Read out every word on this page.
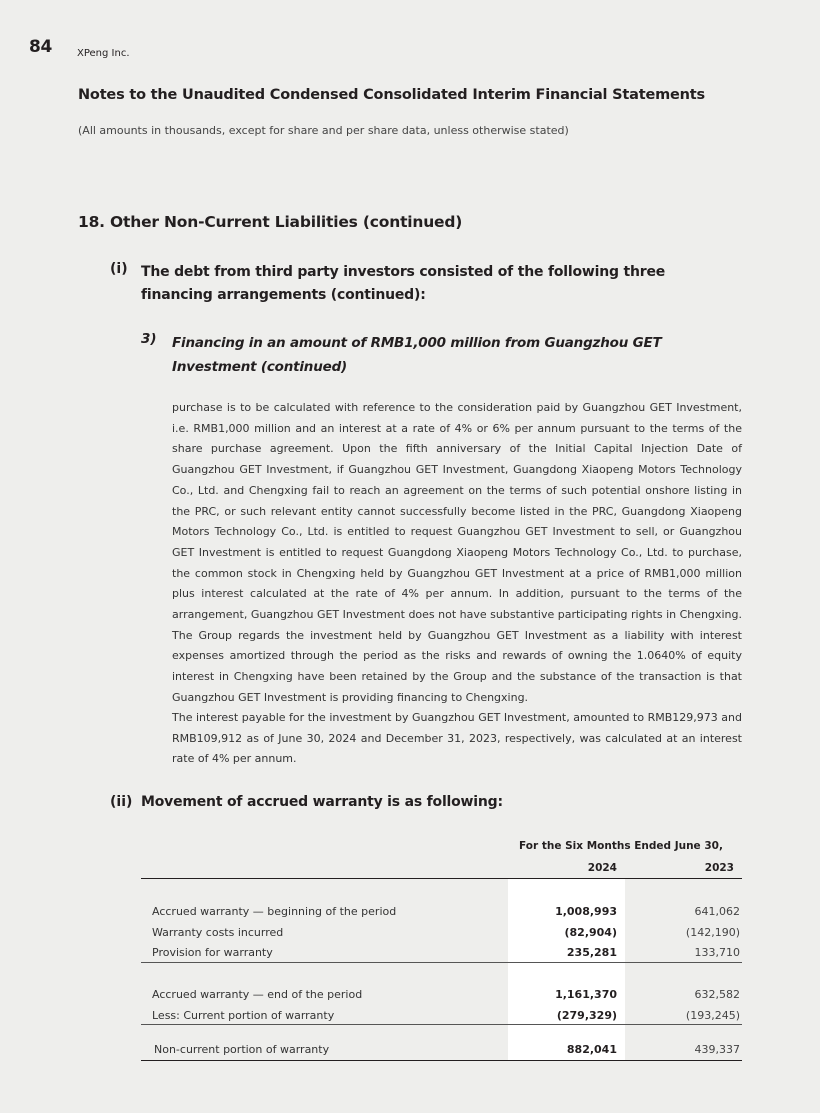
84 XPeng Inc.
Notes to the Unaudited Condensed Consolidated Interim Financial Statements
(All amounts in thousands, except for share and per share data, unless otherwise stated)
18. Other Non-Current Liabilities (continued)
(i) The debt from third party investors consisted of the following three financing arrangements (continued):
3) Financing in an amount of RMB1,000 million from Guangzhou GET Investment (continued)
purchase is to be calculated with reference to the consideration paid by Guangzhou GET Investment, i.e. RMB1,000 million and an interest at a rate of 4% or 6% per annum pursuant to the terms of the share purchase agreement. Upon the fifth anniversary of the Initial Capital Injection Date of Guangzhou GET Investment, if Guangzhou GET Investment, Guangdong Xiaopeng Motors Technology Co., Ltd. and Chengxing fail to reach an agreement on the terms of such potential onshore listing in the PRC, or such relevant entity cannot successfully become listed in the PRC, Guangdong Xiaopeng Motors Technology Co., Ltd. is entitled to request Guangzhou GET Investment to sell, or Guangzhou GET Investment is entitled to request Guangdong Xiaopeng Motors Technology Co., Ltd. to purchase, the common stock in Chengxing held by Guangzhou GET Investment at a price of RMB1,000 million plus interest calculated at the rate of 4% per annum. In addition, pursuant to the terms of the arrangement, Guangzhou GET Investment does not have substantive participating rights in Chengxing. The Group regards the investment held by Guangzhou GET Investment as a liability with interest expenses amortized through the period as the risks and rewards of owning the 1.0640% of equity interest in Chengxing have been retained by the Group and the substance of the transaction is that Guangzhou GET Investment is providing financing to Chengxing.
The interest payable for the investment by Guangzhou GET Investment, amounted to RMB129,973 and RMB109,912 as of June 30, 2024 and December 31, 2023, respectively, was calculated at an interest rate of 4% per annum.
(ii) Movement of accrued warranty is as following:
For the Six Months Ended June 30,
2024	2023
Accrued warranty — beginning of the period	1,008,993	641,062
Warranty costs incurred	(82,904)	(142,190)
Provision for warranty	235,281	133,710
Accrued warranty — end of the period	1,161,370	632,582
Less: Current portion of warranty	(279,329)	(193,245)
Non-current portion of warranty	882,041	439,337
